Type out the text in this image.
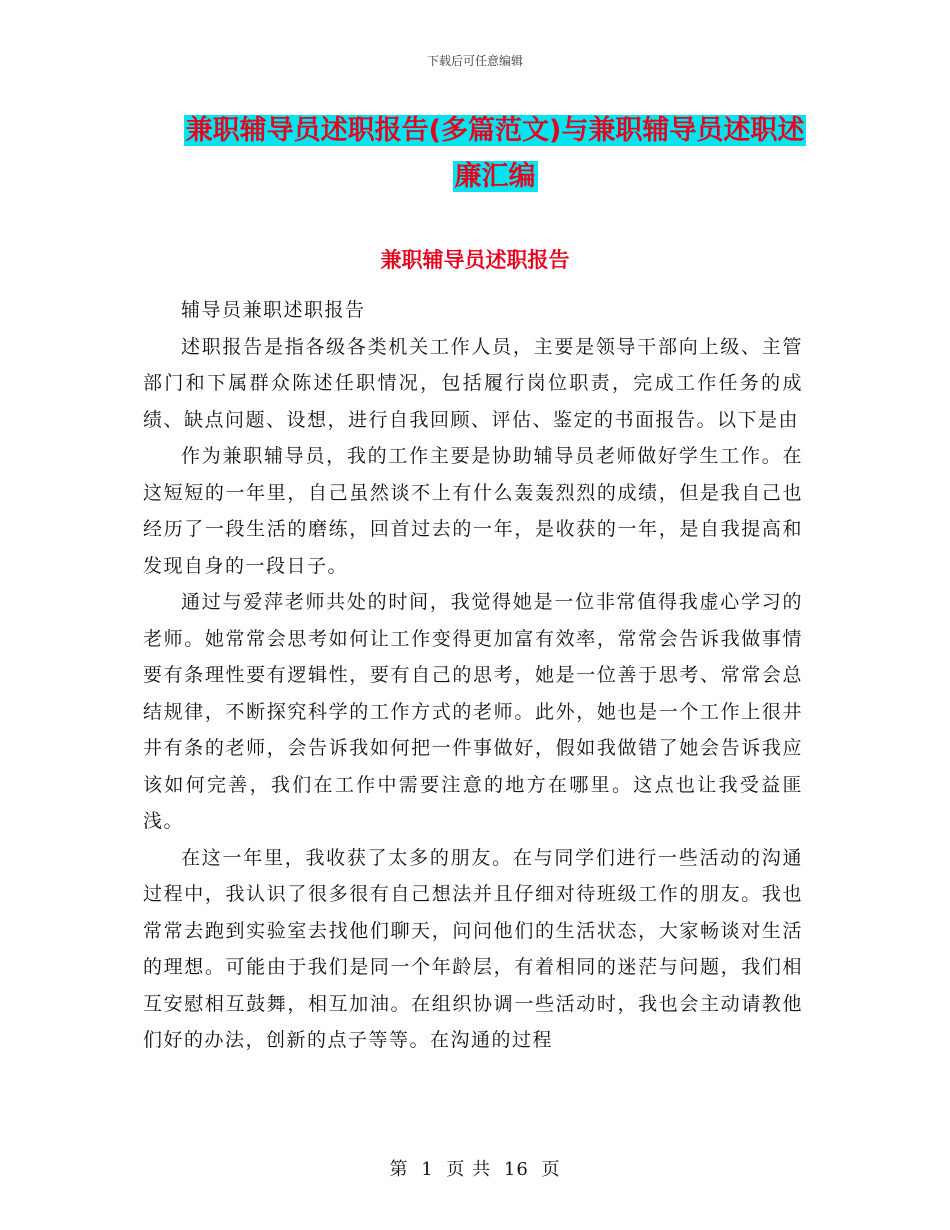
下载后可任意编辑
兼职辅导员述职报告(多篇范文)与兼职辅导员述职述
廉汇编
兼职辅导员述职报告

辅导员兼职述职报告

述职报告是指各级各类机关工作人员，主要是领导干部向上级、主管部门和下属群众陈述任职情况，包括履行岗位职责，完成工作任务的成绩、缺点问题、设想，进行自我回顾、评估、鉴定的书面报告。以下是由

作为兼职辅导员，我的工作主要是协助辅导员老师做好学生工作。在这短短的一年里，自己虽然谈不上有什么轰轰烈烈的成绩，但是我自己也经历了一段生活的磨练，回首过去的一年，是收获的一年，是自我提高和发现自身的一段日子。

通过与爱萍老师共处的时间，我觉得她是一位非常值得我虚心学习的老师。她常常会思考如何让工作变得更加富有效率，常常会告诉我做事情要有条理性要有逻辑性，要有自己的思考，她是一位善于思考、常常会总结规律，不断探究科学的工作方式的老师。此外，她也是一个工作上很井井有条的老师，会告诉我如何把一件事做好，假如我做错了她会告诉我应该如何完善，我们在工作中需要注意的地方在哪里。这点也让我受益匪浅。

在这一年里，我收获了太多的朋友。在与同学们进行一些活动的沟通过程中，我认识了很多很有自己想法并且仔细对待班级工作的朋友。我也常常去跑到实验室去找他们聊天，问问他们的生活状态，大家畅谈对生活的理想。可能由于我们是同一个年龄层，有着相同的迷茫与问题，我们相互安慰相互鼓舞，相互加油。在组织协调一些活动时，我也会主动请教他们好的办法，创新的点子等等。在沟通的过程

第 1 页 共 16 页
